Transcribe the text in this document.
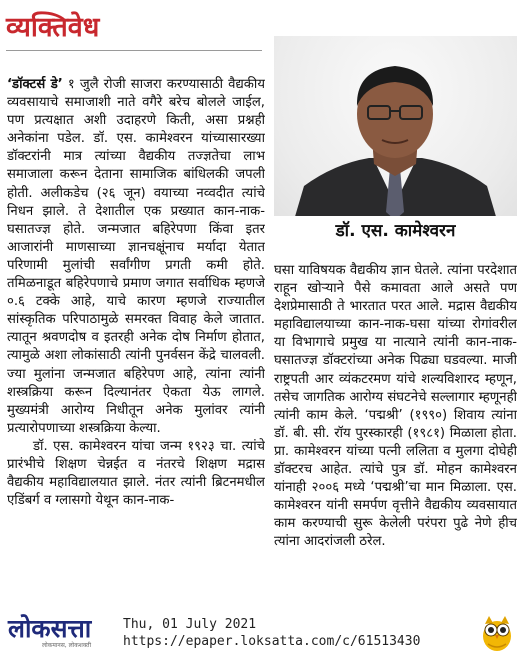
व्यक्तिवेध

‘डॉक्टर्स डे’ १ जुलै रोजी साजरा करण्यासाठी वैद्यकीय व्यवसायाचे समाजाशी नाते वगैरे बरेच बोलले जाईल, पण प्रत्यक्षात अशी उदाहरणे किती, असा प्रश्नही अनेकांना पडेल. डॉ. एस. कामेश्वरन यांच्यासारख्या डॉक्टरांनी मात्र त्यांच्या वैद्यकीय तज्ज्ञतेचा लाभ समाजाला करून देताना सामाजिक बांधिलकी जपली होती. अलीकडेच (२६ जून) वयाच्या नव्वदीत त्यांचे निधन झाले. ते देशातील एक प्रख्यात कान-नाक-घसातज्ज्ञ होते. जन्मजात बहिरेपणा किंवा इतर आजारांनी माणसाच्या ज्ञानचक्षूंनाच मर्यादा येतात परिणामी मुलांची सर्वांगीण प्रगती कमी होते. तमिळनाडूत बहिरेपणाचे प्रमाण जगात सर्वाधिक म्हणजे ०.६ टक्के आहे, याचे कारण म्हणजे राज्यातील सांस्कृतिक परिपाठामुळे समरक्त विवाह केले जातात. त्यातून श्रवणदोष व इतरही अनेक दोष निर्माण होतात, त्यामुळे अशा लोकांसाठी त्यांनी पुनर्वसन केंद्रे चालवली. ज्या मुलांना जन्मजात बहिरेपण आहे, त्यांना त्यांनी शस्त्रक्रिया करून दिल्यानंतर ऐकता येऊ लागले. मुख्यमंत्री आरोग्य निधीतून अनेक मुलांवर त्यांनी प्रत्यारोपणाच्या शस्त्रक्रिया केल्या.

डॉ. एस. कामेश्वरन यांचा जन्म १९२३ चा. त्यांचे प्रारंभीचे शिक्षण चेन्नईत व नंतरचे शिक्षण मद्रास वैद्यकीय महाविद्यालयात झाले. नंतर त्यांनी ब्रिटनमधील एडिंबर्ग व ग्लासगो येथून कान-नाक-

डॉ. एस. कामेश्वरन

घसा याविषयक वैद्यकीय ज्ञान घेतले. त्यांना परदेशात राहून खोऱ्याने पैसे कमावता आले असते पण देशप्रेमासाठी ते भारतात परत आले. मद्रास वैद्यकीय महाविद्यालयाच्या कान-नाक-घसा यांच्या रोगांवरील या विभागाचे प्रमुख या नात्याने त्यांनी कान-नाक-घसातज्ज्ञ डॉक्टरांच्या अनेक पिढ्या घडवल्या. माजी राष्ट्रपती आर व्यंकटरमण यांचे शल्यविशारद म्हणून, तसेच जागतिक आरोग्य संघटनेचे सल्लागार म्हणूनही त्यांनी काम केले. ‘पद्मश्री’ (१९९०) शिवाय त्यांना डॉ. बी. सी. रॉय पुरस्कारही (१९८१) मिळाला होता. प्रा. कामेश्वरन यांच्या पत्नी ललिता व मुलगा दोघेही डॉक्टरच आहेत. त्यांचे पुत्र डॉ. मोहन कामेश्वरन यांनाही २००६ मध्ये ‘पद्मश्री’चा मान मिळाला. एस. कामेश्वरन यांनी समर्पण वृत्तीने वैद्यकीय व्यवसायात काम करण्याची सुरू केलेली परंपरा पुढे नेणे हीच त्यांना आदरांजली ठरेल.

लोकसत्ता
लोकमानस, लोकशक्ती
Thu, 01 July 2021
https://epaper.loksatta.com/c/61513430
